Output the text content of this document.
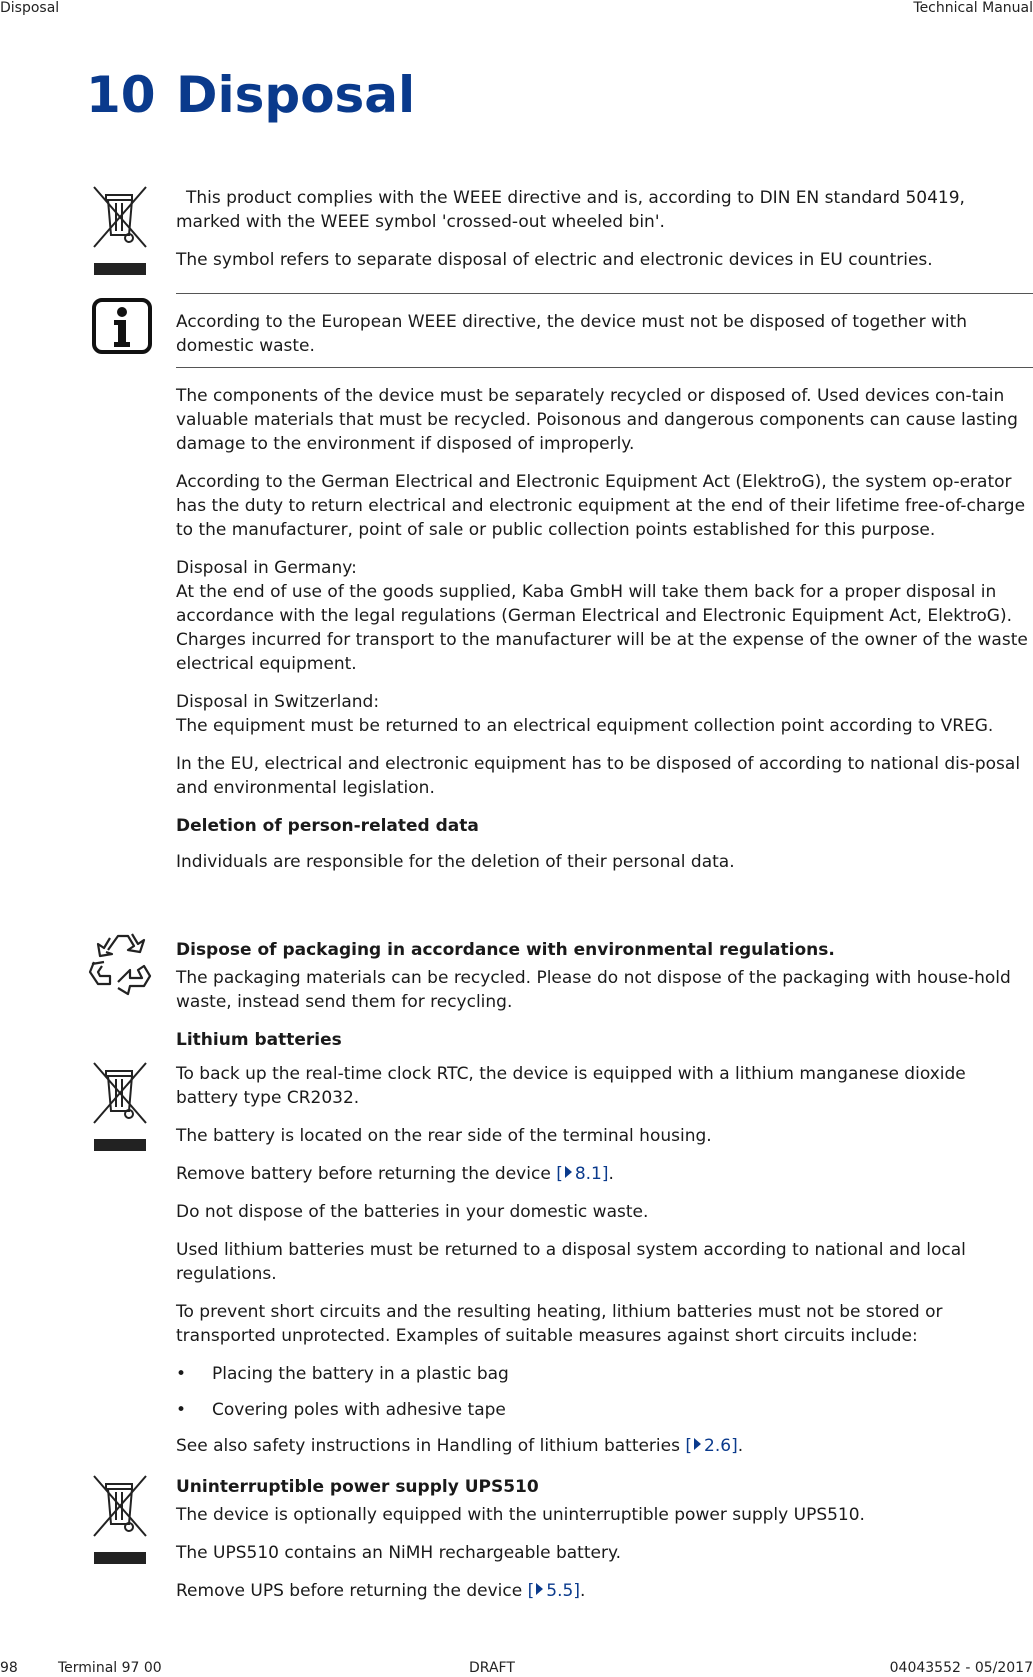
Disposal	Technical Manual
10 Disposal

This product complies with the WEEE directive and is, according to DIN EN standard 50419, marked with the WEEE symbol 'crossed-out wheeled bin'.

The symbol refers to separate disposal of electric and electronic devices in EU countries.

According to the European WEEE directive, the device must not be disposed of together with domestic waste.

The components of the device must be separately recycled or disposed of. Used devices con-tain valuable materials that must be recycled. Poisonous and dangerous components can cause lasting damage to the environment if disposed of improperly.

According to the German Electrical and Electronic Equipment Act (ElektroG), the system op-erator has the duty to return electrical and electronic equipment at the end of their lifetime free-of-charge to the manufacturer, point of sale or public collection points established for this purpose.

Disposal in Germany:

At the end of use of the goods supplied, Kaba GmbH will take them back for a proper disposal in accordance with the legal regulations (German Electrical and Electronic Equipment Act, ElektroG). Charges incurred for transport to the manufacturer will be at the expense of the owner of the waste electrical equipment.

Disposal in Switzerland:

The equipment must be returned to an electrical equipment collection point according to VREG.

In the EU, electrical and electronic equipment has to be disposed of according to national dis-posal and environmental legislation.

Deletion of person-related data

Individuals are responsible for the deletion of their personal data.

Dispose of packaging in accordance with environmental regulations.

The packaging materials can be recycled. Please do not dispose of the packaging with house-hold waste, instead send them for recycling.

Lithium batteries

To back up the real-time clock RTC, the device is equipped with a lithium manganese dioxide battery type CR2032.

The battery is located on the rear side of the terminal housing.

Remove battery before returning the device [ 8.1].

Do not dispose of the batteries in your domestic waste.

Used lithium batteries must be returned to a disposal system according to national and local regulations.

To prevent short circuits and the resulting heating, lithium batteries must not be stored or transported unprotected. Examples of suitable measures against short circuits include:

• Placing the battery in a plastic bag
• Covering poles with adhesive tape

See also safety instructions in Handling of lithium batteries [ 2.6].

Uninterruptible power supply UPS510

The device is optionally equipped with the uninterruptible power supply UPS510.

The UPS510 contains an NiMH rechargeable battery.

Remove UPS before returning the device [ 5.5].

98	Terminal 97 00	DRAFT	04043552 - 05/2017
